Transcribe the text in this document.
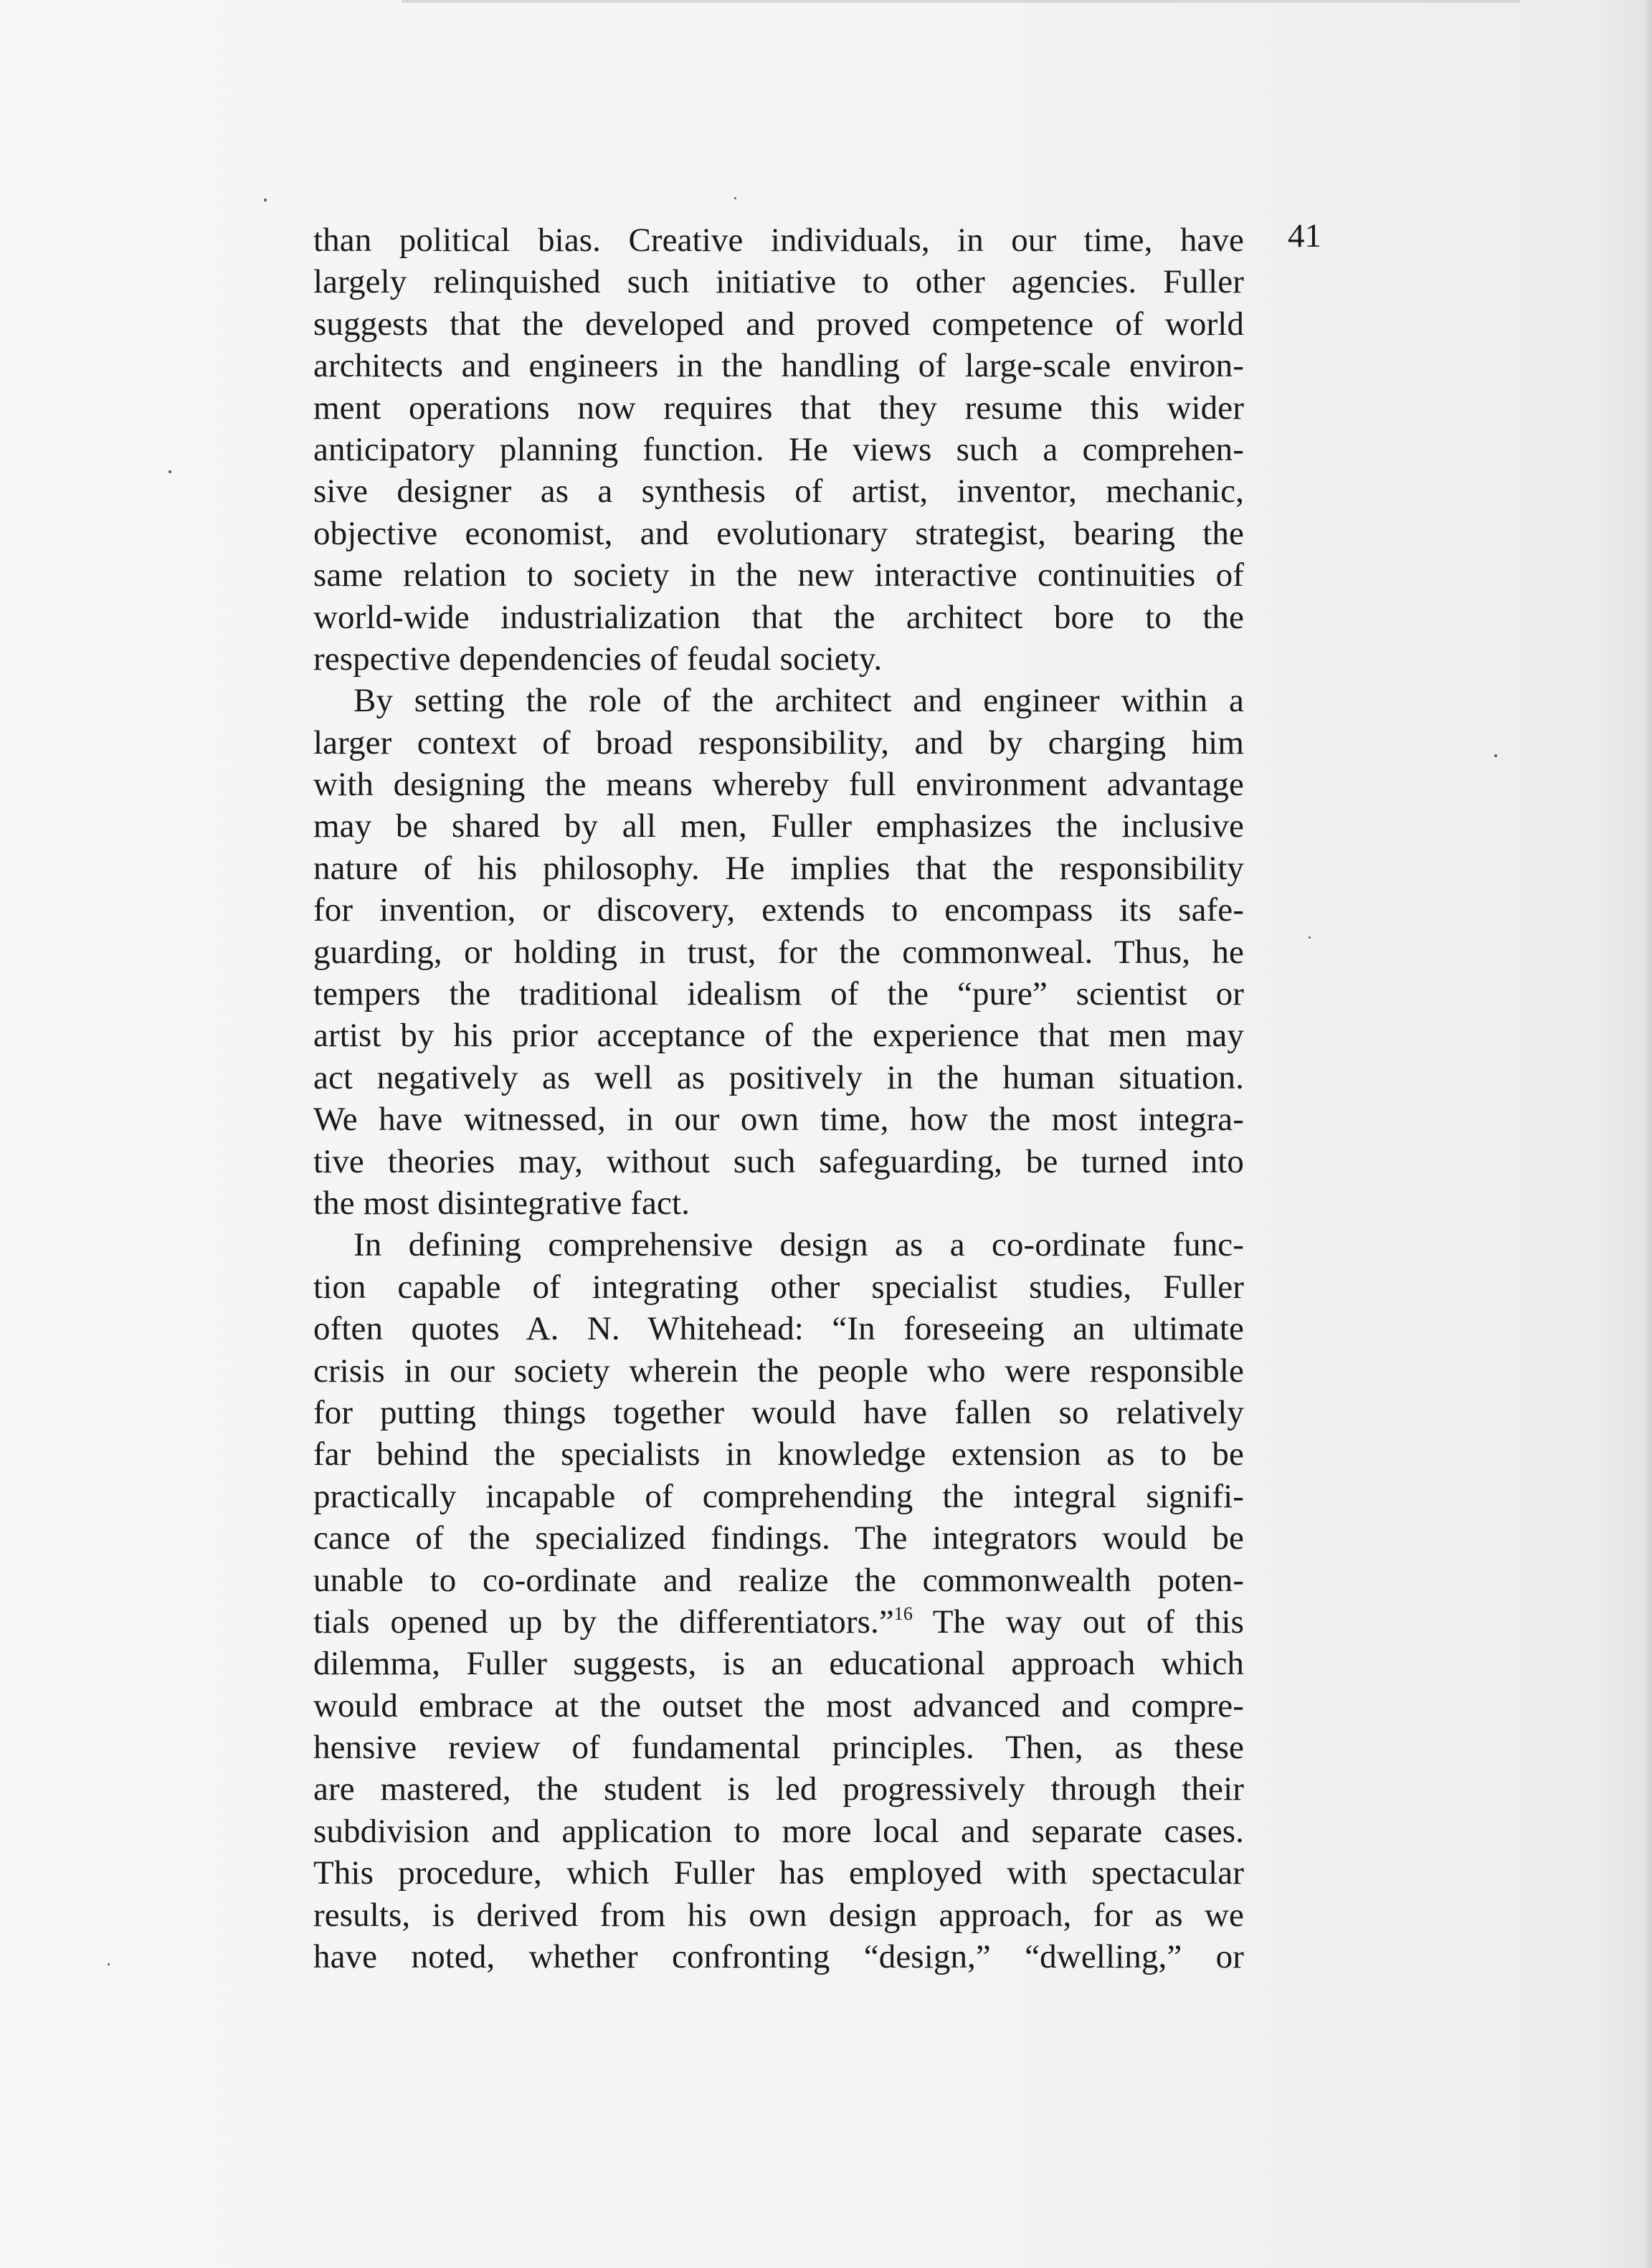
41
than political bias. Creative individuals, in our time, have
largely relinquished such initiative to other agencies. Fuller
suggests that the developed and proved competence of world
architects and engineers in the handling of large-scale environ-
ment operations now requires that they resume this wider
anticipatory planning function. He views such a comprehen-
sive designer as a synthesis of artist, inventor, mechanic,
objective economist, and evolutionary strategist, bearing the
same relation to society in the new interactive continuities of
world-wide industrialization that the architect bore to the
respective dependencies of feudal society.
By setting the role of the architect and engineer within a
larger context of broad responsibility, and by charging him
with designing the means whereby full environment advantage
may be shared by all men, Fuller emphasizes the inclusive
nature of his philosophy. He implies that the responsibility
for invention, or discovery, extends to encompass its safe-
guarding, or holding in trust, for the commonweal. Thus, he
tempers the traditional idealism of the “pure” scientist or
artist by his prior acceptance of the experience that men may
act negatively as well as positively in the human situation.
We have witnessed, in our own time, how the most integra-
tive theories may, without such safeguarding, be turned into
the most disintegrative fact.
In defining comprehensive design as a co-ordinate func-
tion capable of integrating other specialist studies, Fuller
often quotes A. N. Whitehead: “In foreseeing an ultimate
crisis in our society wherein the people who were responsible
for putting things together would have fallen so relatively
far behind the specialists in knowledge extension as to be
practically incapable of comprehending the integral signifi-
cance of the specialized findings. The integrators would be
unable to co-ordinate and realize the commonwealth poten-
tials opened up by the differentiators.”$^{16}$ The way out of this
dilemma, Fuller suggests, is an educational approach which
would embrace at the outset the most advanced and compre-
hensive review of fundamental principles. Then, as these
are mastered, the student is led progressively through their
subdivision and application to more local and separate cases.
This procedure, which Fuller has employed with spectacular
results, is derived from his own design approach, for as we
have noted, whether confronting “design,” “dwelling,” or
